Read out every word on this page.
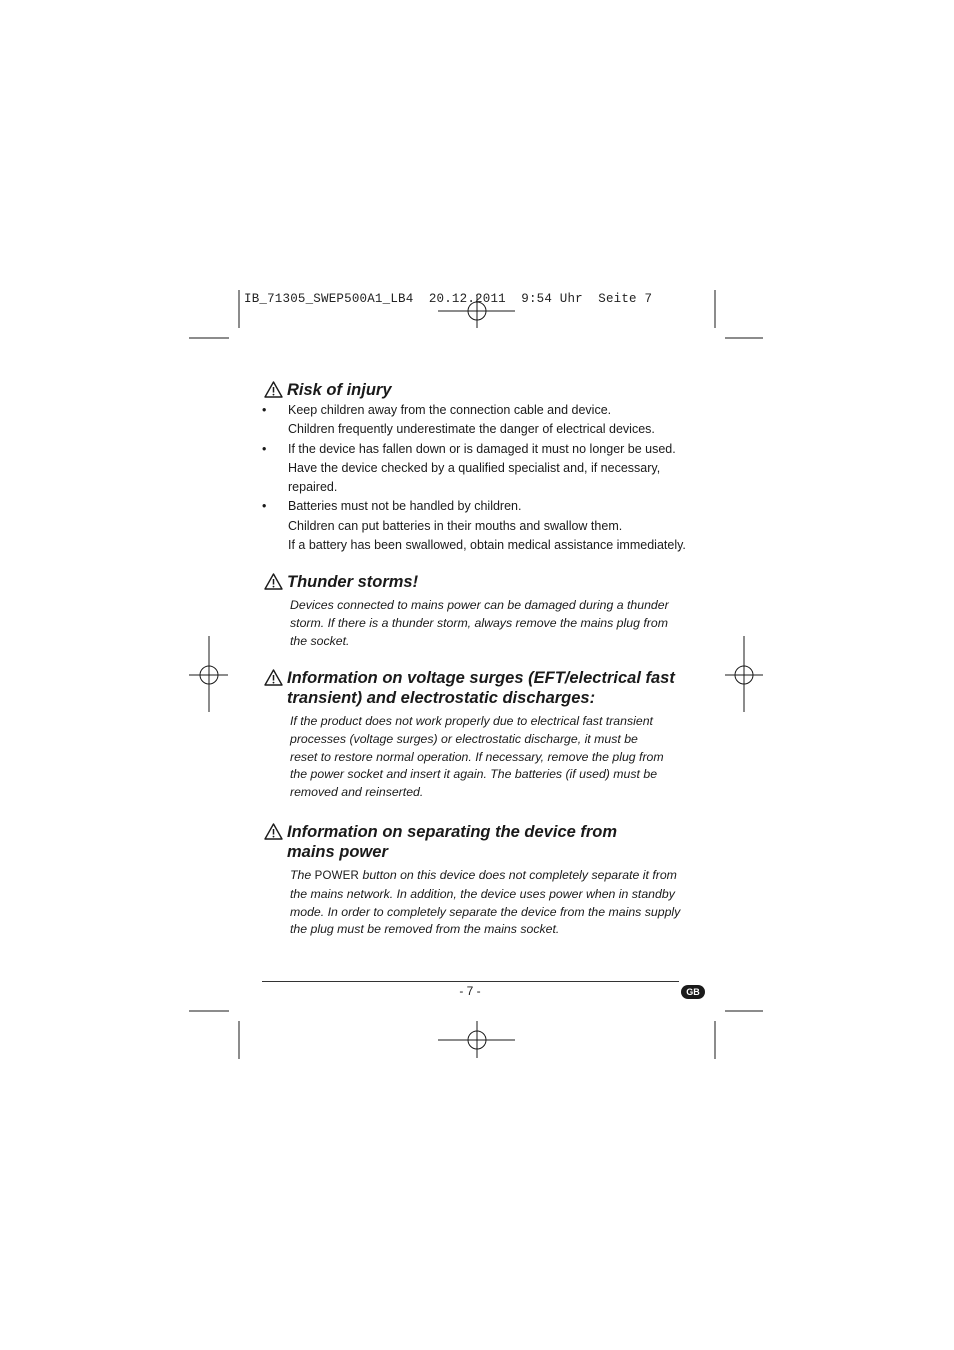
IB_71305_SWEP500A1_LB4  20.12.2011  9:54 Uhr  Seite 7
Risk of injury
• Keep children away from the connection cable and device.
Children frequently underestimate the danger of electrical devices.
• If the device has fallen down or is damaged it must no longer be used.
Have the device checked by a qualified specialist and, if necessary,
repaired.
• Batteries must not be handled by children.
Children can put batteries in their mouths and swallow them.
If a battery has been swallowed, obtain medical assistance immediately.
Thunder storms!
Devices connected to mains power can be damaged during a thunder
storm. If there is a thunder storm, always remove the mains plug from
the socket.
Information on voltage surges (EFT/electrical fast
transient) and electrostatic discharges:
If the product does not work properly due to electrical fast transient
processes (voltage surges) or electrostatic discharge, it must be
reset to restore normal operation. If necessary, remove the plug from
the power socket and insert it again. The batteries (if used) must be
removed and reinserted.
Information on separating the device from
mains power
The POWER button on this device does not completely separate it from
the mains network. In addition, the device uses power when in standby
mode. In order to completely separate the device from the mains supply
the plug must be removed from the mains socket.
- 7 -	GB
